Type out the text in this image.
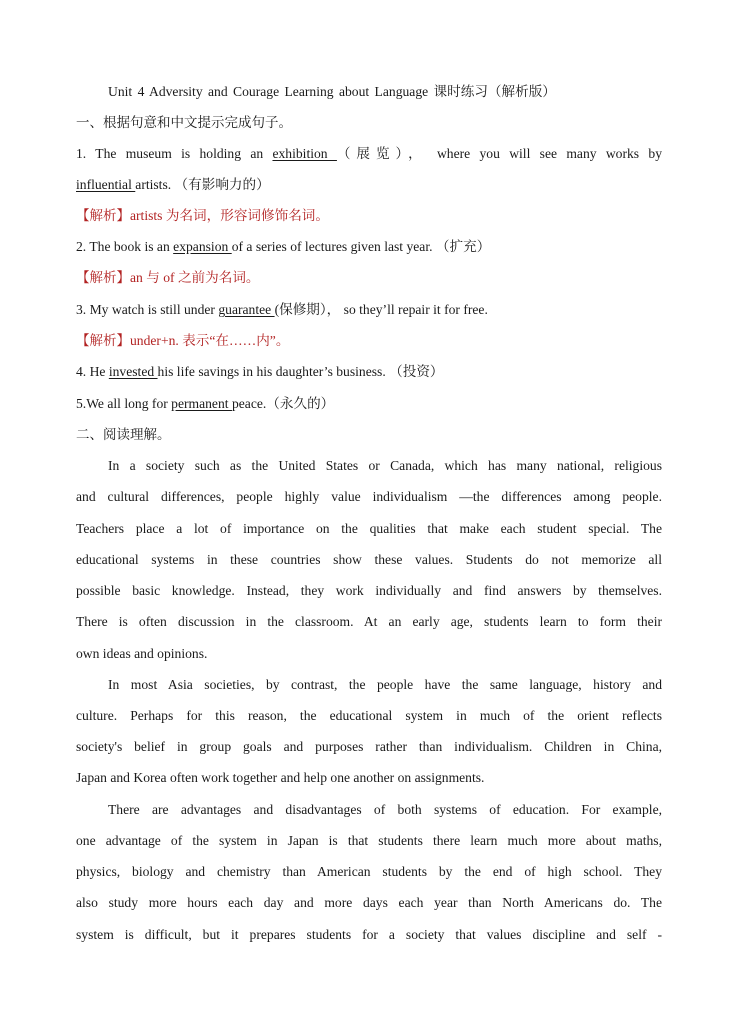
Unit 4 Adversity and Courage Learning about Language 课时练习（解析版）
一、根据句意和中文提示完成句子。
1. The museum is holding an exhibition （展览）， where you will see many works by
influential artists. （有影响力的）
【解析】artists 为名词，形容词修饰名词。
2. The book is an expansion of a series of lectures given last year. （扩充）
【解析】an 与 of 之前为名词。
3. My watch is still under guarantee (保修期）， so they’ll repair it for free.
【解析】under+n. 表示“在……内”。
4. He invested his life savings in his daughter’s business. （投资）
5.We all long for permanent peace.（永久的）
二、阅读理解。
In a society such as the United States or Canada, which has many national, religious
and cultural differences, people highly value individualism —the differences among people.
Teachers place a lot of importance on the qualities that make each student special. The
educational systems in these countries show these values. Students do not memorize all
possible basic knowledge. Instead, they work individually and find answers by themselves.
There is often discussion in the classroom. At an early age, students learn to form their
own ideas and opinions.
In most Asia societies, by contrast, the people have the same language, history and
culture. Perhaps for this reason, the educational system in much of the orient reflects
society's belief in group goals and purposes rather than individualism. Children in China,
Japan and Korea often work together and help one another on assignments.
There are advantages and disadvantages of both systems of education. For example,
one advantage of the system in Japan is that students there learn much more about maths,
physics, biology and chemistry than American students by the end of high school. They
also study more hours each day and more days each year than North Americans do. The
system is difficult, but it prepares students for a society that values discipline and self -
